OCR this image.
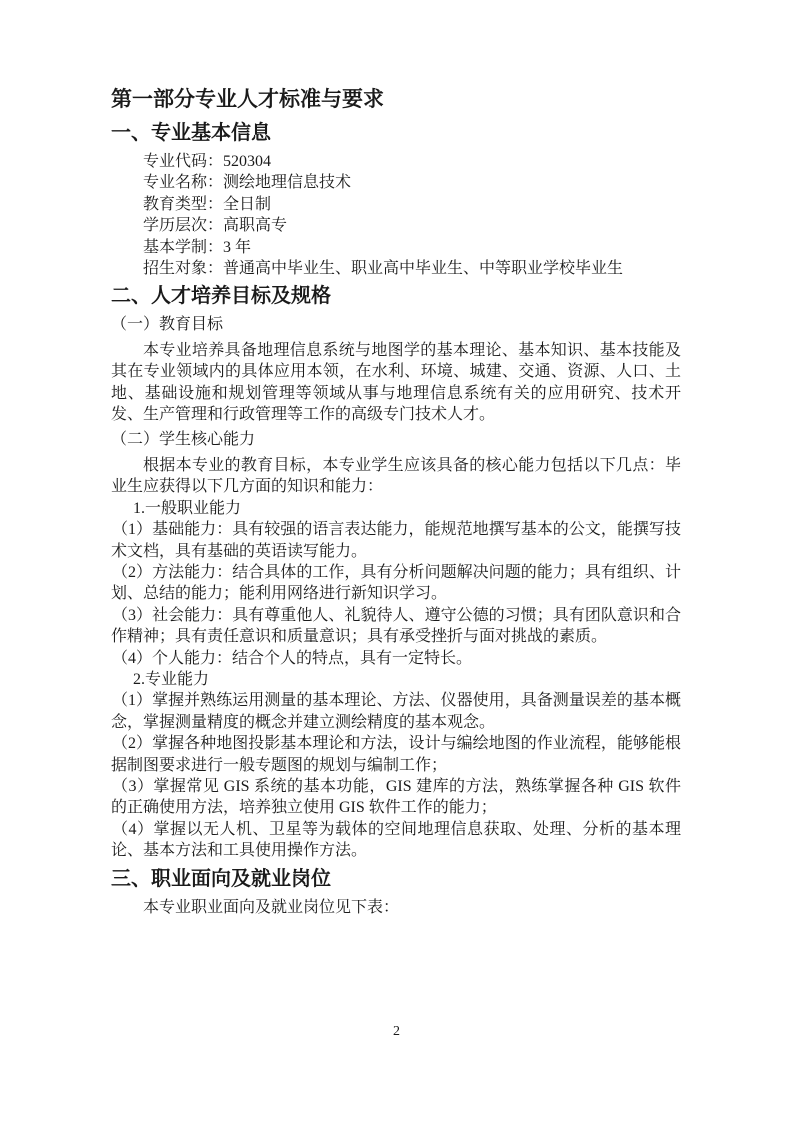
第一部分专业人才标准与要求
一、专业基本信息

专业代码：520304

专业名称：测绘地理信息技术

教育类型：全日制

学历层次：高职高专

基本学制：3 年

招生对象：普通高中毕业生、职业高中毕业生、中等职业学校毕业生

二、人才培养目标及规格

（一）教育目标

本专业培养具备地理信息系统与地图学的基本理论、基本知识、基本技能及其在专业领域内的具体应用本领，在水利、环境、城建、交通、资源、人口、土地、基础设施和规划管理等领域从事与地理信息系统有关的应用研究、技术开发、生产管理和行政管理等工作的高级专门技术人才。

（二）学生核心能力

根据本专业的教育目标，本专业学生应该具备的核心能力包括以下几点：毕业生应获得以下几方面的知识和能力：

1.一般职业能力

（1）基础能力：具有较强的语言表达能力，能规范地撰写基本的公文，能撰写技术文档，具有基础的英语读写能力。

（2）方法能力：结合具体的工作，具有分析问题解决问题的能力；具有组织、计划、总结的能力；能利用网络进行新知识学习。

（3）社会能力：具有尊重他人、礼貌待人、遵守公德的习惯；具有团队意识和合作精神；具有责任意识和质量意识；具有承受挫折与面对挑战的素质。

（4）个人能力：结合个人的特点，具有一定特长。

2.专业能力

（1）掌握并熟练运用测量的基本理论、方法、仪器使用，具备测量误差的基本概念，掌握测量精度的概念并建立测绘精度的基本观念。

（2）掌握各种地图投影基本理论和方法，设计与编绘地图的作业流程，能够能根据制图要求进行一般专题图的规划与编制工作；

（3）掌握常见 GIS 系统的基本功能，GIS 建库的方法，熟练掌握各种 GIS 软件的正确使用方法，培养独立使用 GIS 软件工作的能力；

（4）掌握以无人机、卫星等为载体的空间地理信息获取、处理、分析的基本理论、基本方法和工具使用操作方法。

三、职业面向及就业岗位

本专业职业面向及就业岗位见下表：

2
